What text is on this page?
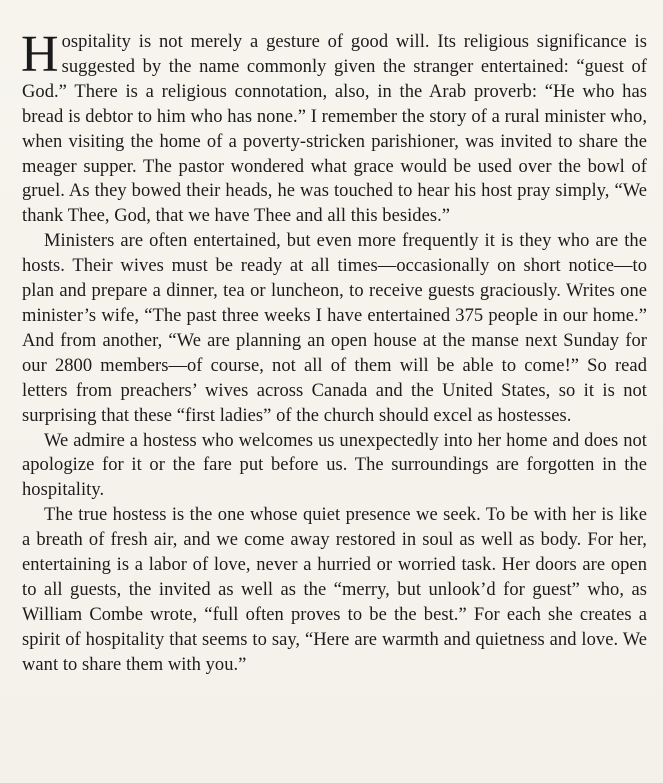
Hospitality is not merely a gesture of good will. Its religious significance is suggested by the name commonly given the stranger entertained: “guest of God.” There is a religious connotation, also, in the Arab proverb: “He who has bread is debtor to him who has none.” I remember the story of a rural minister who, when visiting the home of a poverty-stricken parishioner, was invited to share the meager supper. The pastor wondered what grace would be used over the bowl of gruel. As they bowed their heads, he was touched to hear his host pray simply, “We thank Thee, God, that we have Thee and all this besides.”

Ministers are often entertained, but even more frequently it is they who are the hosts. Their wives must be ready at all times—occasionally on short notice—to plan and prepare a dinner, tea or luncheon, to receive guests graciously. Writes one minister’s wife, “The past three weeks I have entertained 375 people in our home.” And from another, “We are planning an open house at the manse next Sunday for our 2800 members—of course, not all of them will be able to come!” So read letters from preachers’ wives across Canada and the United States, so it is not surprising that these “first ladies” of the church should excel as hostesses.

We admire a hostess who welcomes us unexpectedly into her home and does not apologize for it or the fare put before us. The surroundings are forgotten in the hospitality.

The true hostess is the one whose quiet presence we seek. To be with her is like a breath of fresh air, and we come away restored in soul as well as body. For her, entertaining is a labor of love, never a hurried or worried task. Her doors are open to all guests, the invited as well as the “merry, but unlook’d for guest” who, as William Combe wrote, “full often proves to be the best.” For each she creates a spirit of hospitality that seems to say, “Here are warmth and quietness and love. We want to share them with you.”
